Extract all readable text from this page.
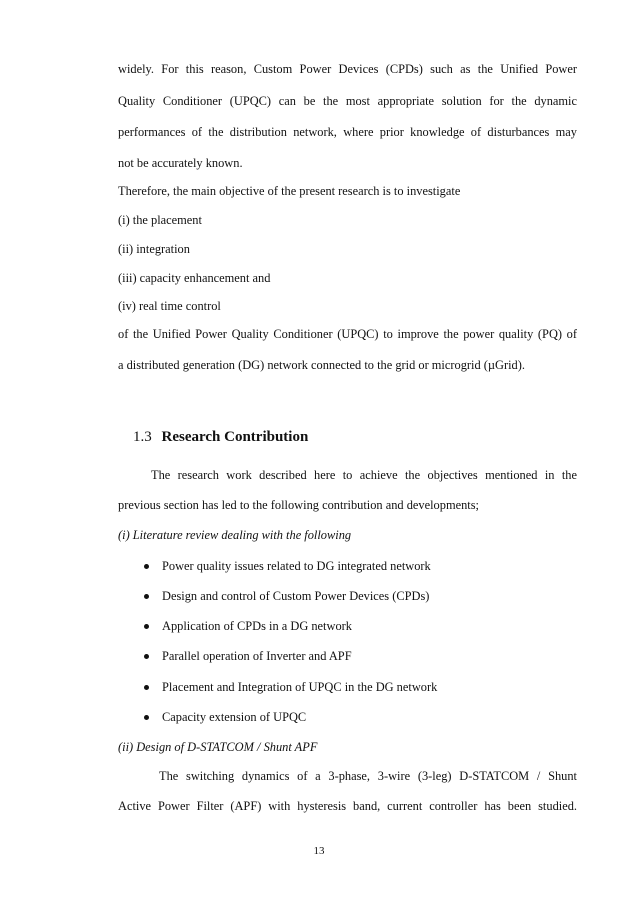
widely. For this reason, Custom Power Devices (CPDs) such as the Unified Power
Quality Conditioner (UPQC) can be the most appropriate solution for the dynamic
performances of the distribution network, where prior knowledge of disturbances may
not be accurately known.
Therefore, the main objective of the present research is to investigate
(i) the placement
(ii) integration
(iii) capacity enhancement and
(iv) real time control
of the Unified Power Quality Conditioner (UPQC) to improve the power quality (PQ) of
a distributed generation (DG) network connected to the grid or microgrid (µGrid).
1.3 Research Contribution
The research work described here to achieve the objectives mentioned in the
previous section has led to the following contribution and developments;
(i) Literature review dealing with the following
Power quality issues related to DG integrated network
Design and control of Custom Power Devices (CPDs)
Application of CPDs in a DG network
Parallel operation of Inverter and APF
Placement and Integration of UPQC in the DG network
Capacity extension of UPQC
(ii) Design of D-STATCOM / Shunt APF
The switching dynamics of a 3-phase, 3-wire (3-leg) D-STATCOM / Shunt
Active Power Filter (APF) with hysteresis band, current controller has been studied.
13
